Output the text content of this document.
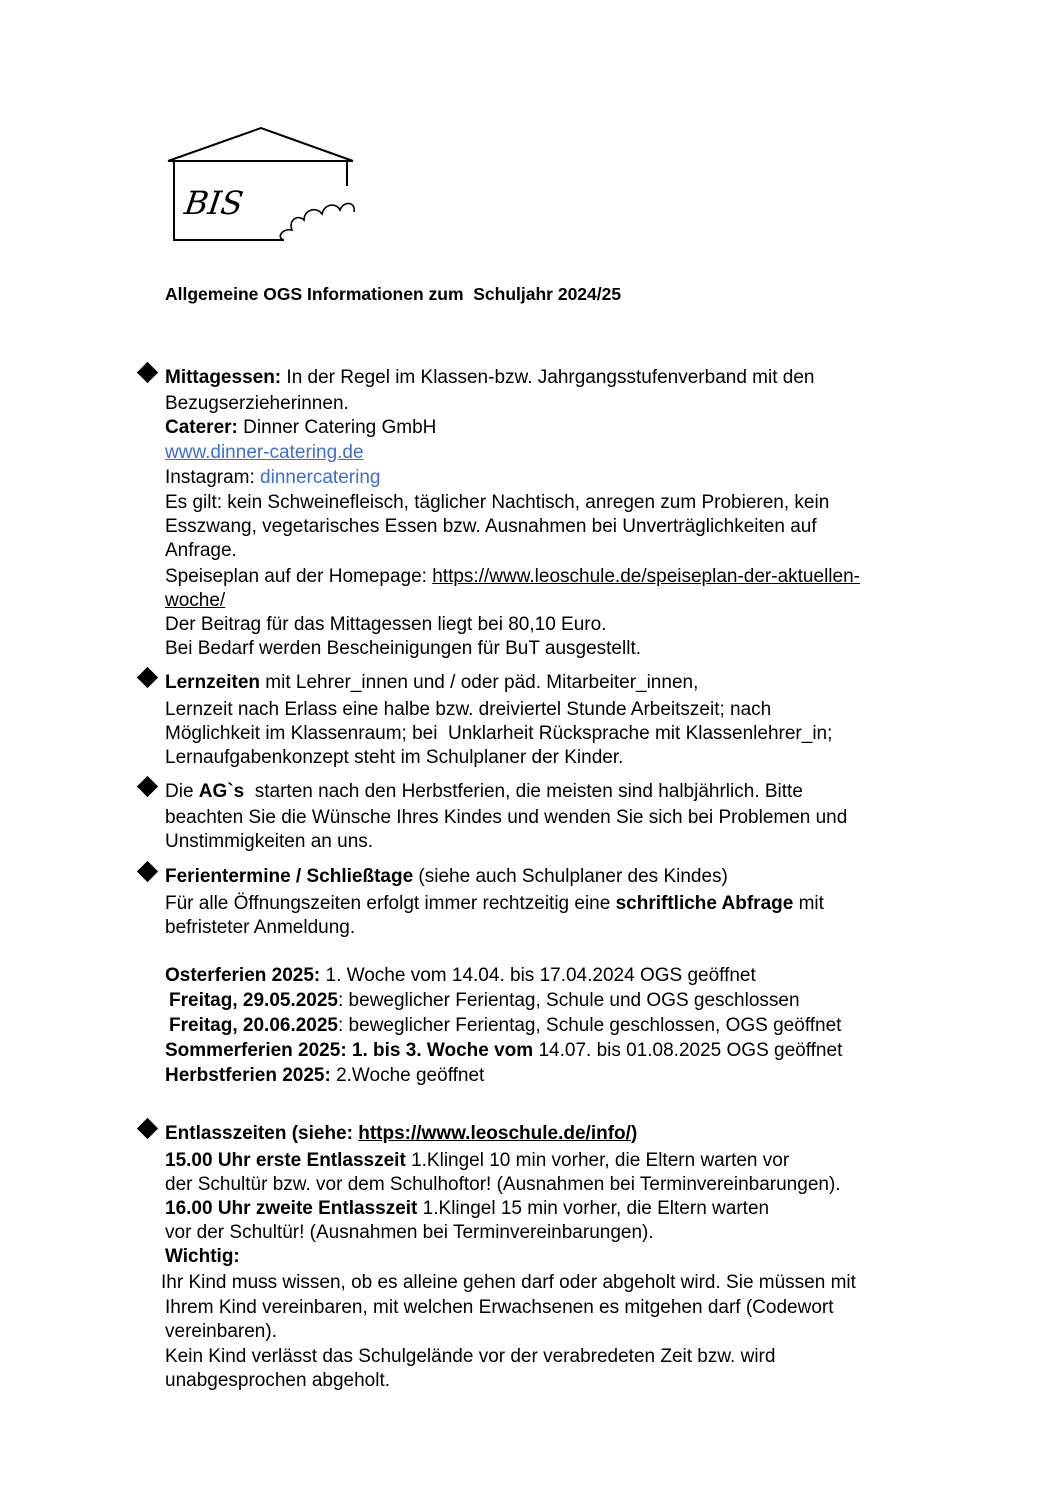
BIS
Allgemeine OGS Informationen zum  Schuljahr 2024/25
Mittagessen: In der Regel im Klassen-bzw. Jahrgangsstufenverband mit den
Bezugserzieherinnen.
Caterer: Dinner Catering GmbH
www.dinner-catering.de
Instagram: dinnercatering
Es gilt: kein Schweinefleisch, täglicher Nachtisch, anregen zum Probieren, kein
Esszwang, vegetarisches Essen bzw. Ausnahmen bei Unverträglichkeiten auf
Anfrage.
Speiseplan auf der Homepage: https://www.leoschule.de/speiseplan-der-aktuellen-
woche/
Der Beitrag für das Mittagessen liegt bei 80,10 Euro.
Bei Bedarf werden Bescheinigungen für BuT ausgestellt.
Lernzeiten mit Lehrer_innen und / oder päd. Mitarbeiter_innen,
Lernzeit nach Erlass eine halbe bzw. dreiviertel Stunde Arbeitszeit; nach
Möglichkeit im Klassenraum; bei  Unklarheit Rücksprache mit Klassenlehrer_in;
Lernaufgabenkonzept steht im Schulplaner der Kinder.
Die AG`s  starten nach den Herbstferien, die meisten sind halbjährlich. Bitte
beachten Sie die Wünsche Ihres Kindes und wenden Sie sich bei Problemen und
Unstimmigkeiten an uns.
Ferientermine / Schließtage (siehe auch Schulplaner des Kindes)
Für alle Öffnungszeiten erfolgt immer rechtzeitig eine schriftliche Abfrage mit
befristeter Anmeldung.
Osterferien 2025: 1. Woche vom 14.04. bis 17.04.2024 OGS geöffnet
Freitag, 29.05.2025: beweglicher Ferientag, Schule und OGS geschlossen
Freitag, 20.06.2025: beweglicher Ferientag, Schule geschlossen, OGS geöffnet
Sommerferien 2025: 1. bis 3. Woche vom 14.07. bis 01.08.2025 OGS geöffnet
Herbstferien 2025: 2.Woche geöffnet
Entlasszeiten (siehe: https://www.leoschule.de/info/)
15.00 Uhr erste Entlasszeit 1.Klingel 10 min vorher, die Eltern warten vor
der Schultür bzw. vor dem Schulhoftor! (Ausnahmen bei Terminvereinbarungen).
16.00 Uhr zweite Entlasszeit 1.Klingel 15 min vorher, die Eltern warten
vor der Schultür! (Ausnahmen bei Terminvereinbarungen).
Wichtig:
Ihr Kind muss wissen, ob es alleine gehen darf oder abgeholt wird. Sie müssen mit
Ihrem Kind vereinbaren, mit welchen Erwachsenen es mitgehen darf (Codewort
vereinbaren).
Kein Kind verlässt das Schulgelände vor der verabredeten Zeit bzw. wird
unabgesprochen abgeholt.
